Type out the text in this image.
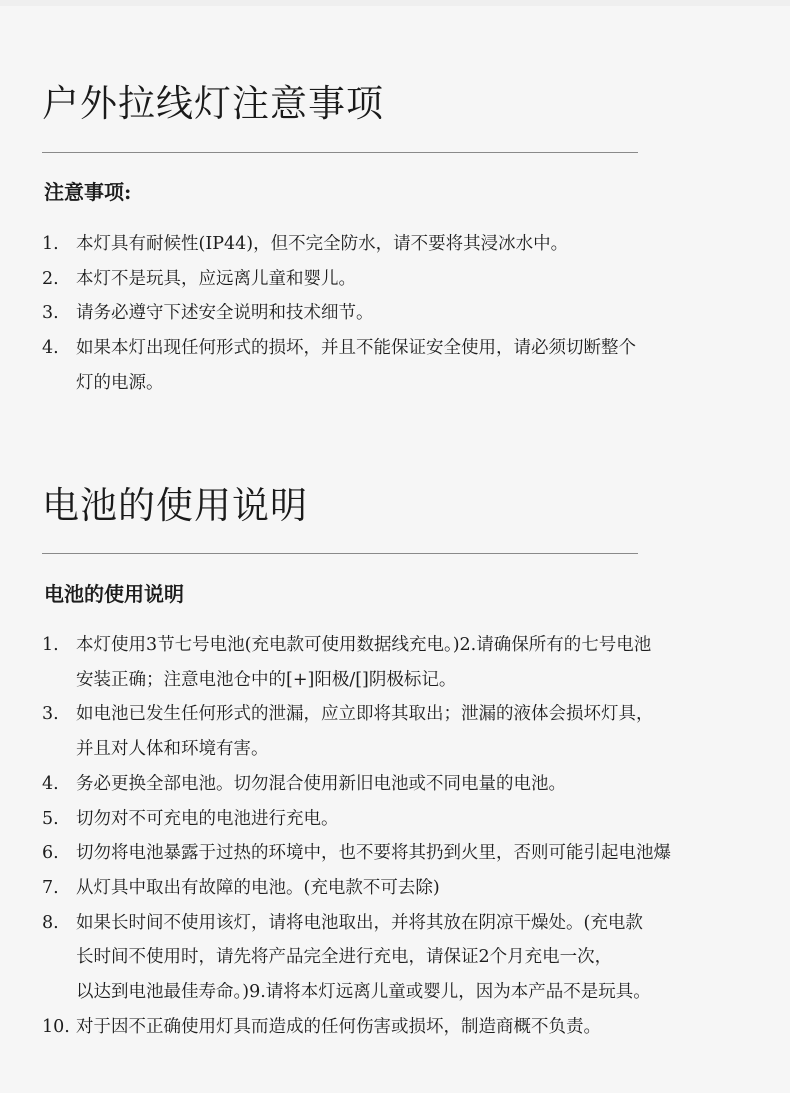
户外拉线灯注意事项
注意事项:
1. 本灯具有耐候性(IP44)，但不完全防水，请不要将其浸冰水中。
2. 本灯不是玩具，应远离儿童和婴儿。
3. 请务必遵守下述安全说明和技术细节。
4. 如果本灯出现任何形式的损坏，并且不能保证安全使用，请必须切断整个
灯的电源。
电池的使用说明
电池的使用说明
1. 本灯使用3节七号电池(充电款可使用数据线充电。)2.请确保所有的七号电池
安装正确；注意电池仓中的[+]阳极/[]阴极标记。
3. 如电池已发生任何形式的泄漏，应立即将其取出；泄漏的液体会损坏灯具，
并且对人体和环境有害。
4. 务必更换全部电池。切勿混合使用新旧电池或不同电量的电池。
5. 切勿对不可充电的电池进行充电。
6. 切勿将电池暴露于过热的环境中，也不要将其扔到火里，否则可能引起电池爆
7. 从灯具中取出有故障的电池。(充电款不可去除)
8. 如果长时间不使用该灯，请将电池取出，并将其放在阴凉干燥处。(充电款
长时间不使用时，请先将产品完全进行充电，请保证2个月充电一次，
以达到电池最佳寿命。)9.请将本灯远离儿童或婴儿，因为本产品不是玩具。
10. 对于因不正确使用灯具而造成的任何伤害或损坏，制造商概不负责。
